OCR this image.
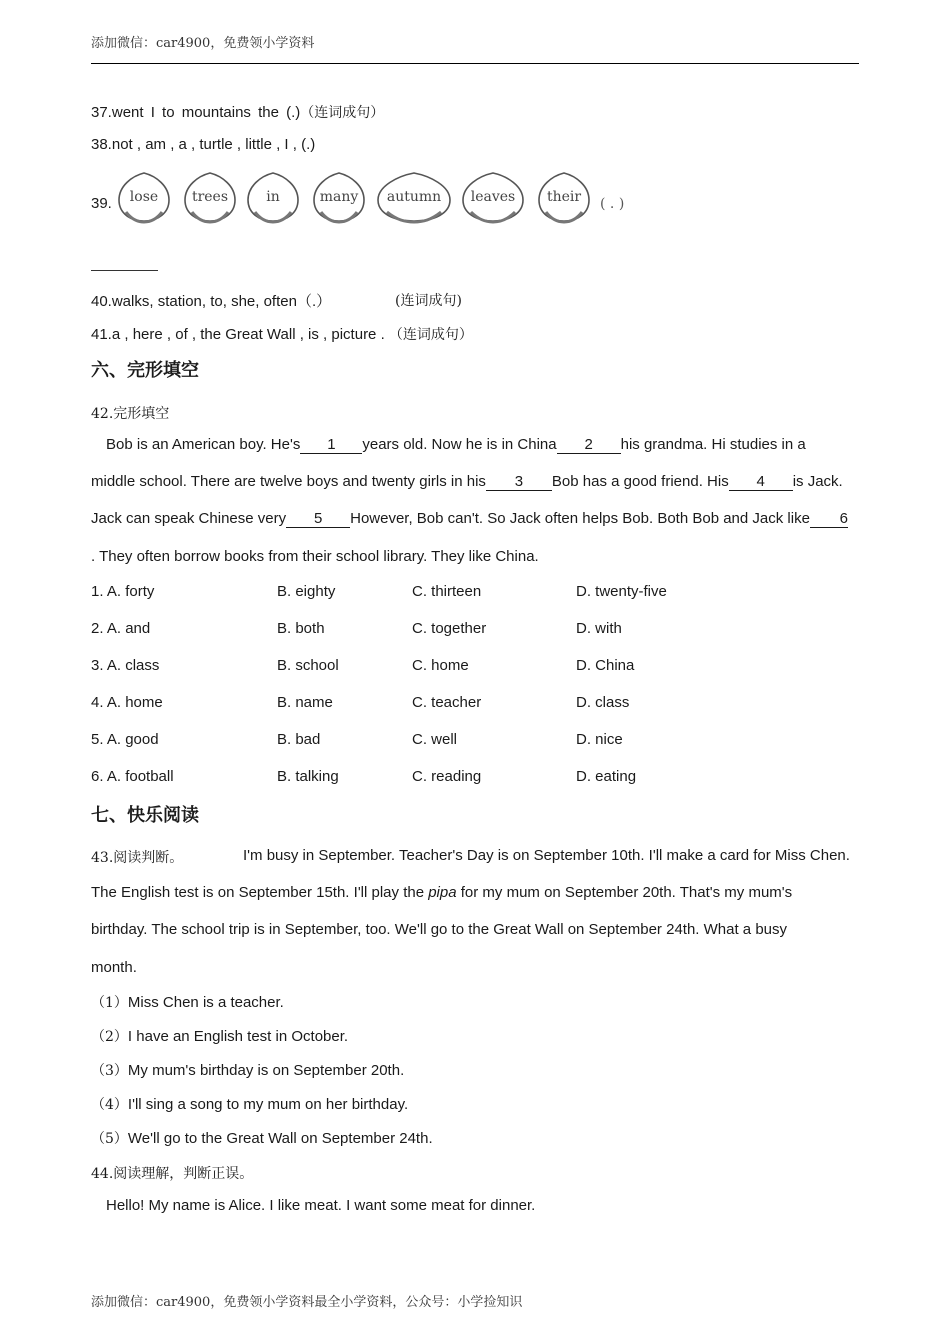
添加微信：car4900，免费领小学资料
37.went I to mountains the (.)（连词成句）
38.not , am , a , turtle , little , I , (.)
39. lose trees	in	many autumn leaves their ( . )
40.walks, station, to, she, often（.）	(连词成句)
41.a , here , of , the Great Wall , is , picture . （连词成句）
六、完形填空
42.完形填空
Bob is an American boy. He's 1 years old. Now he is in China 2 his grandma. Hi studies in a
middle school. There are twelve boys and twenty girls in his 3 Bob has a good friend. His 4 is Jack.
Jack can speak Chinese very 5 However, Bob can't. So Jack often helps Bob. Both Bob and Jack like 6
. They often borrow books from their school library. They like China.
1. A. forty	B. eighty	C. thirteen	D. twenty-five
2. A. and	B. both	C. together	D. with
3. A. class	B. school	C. home	D. China
4. A. home	B. name	C. teacher	D. class
5. A. good	B. bad	C. well	D. nice
6. A. football	B. talking	C. reading	D. eating
七、快乐阅读
43.阅读判断。	I'm busy in September. Teacher's Day is on September 10th. I'll make a card for Miss Chen.
The English test is on September 15th. I'll play the pipa for my mum on September 20th. That's my mum's
birthday. The school trip is in September, too. We'll go to the Great Wall on September 24th. What a busy
month.
（1）Miss Chen is a teacher.
（2）I have an English test in October.
（3）My mum's birthday is on September 20th.
（4）I'll sing a song to my mum on her birthday.
（5）We'll go to the Great Wall on September 24th.
44.阅读理解，判断正误。
Hello! My name is Alice. I like meat. I want some meat for dinner.
添加微信：car4900，免费领小学资料最全小学资料，公众号：小学捡知识
